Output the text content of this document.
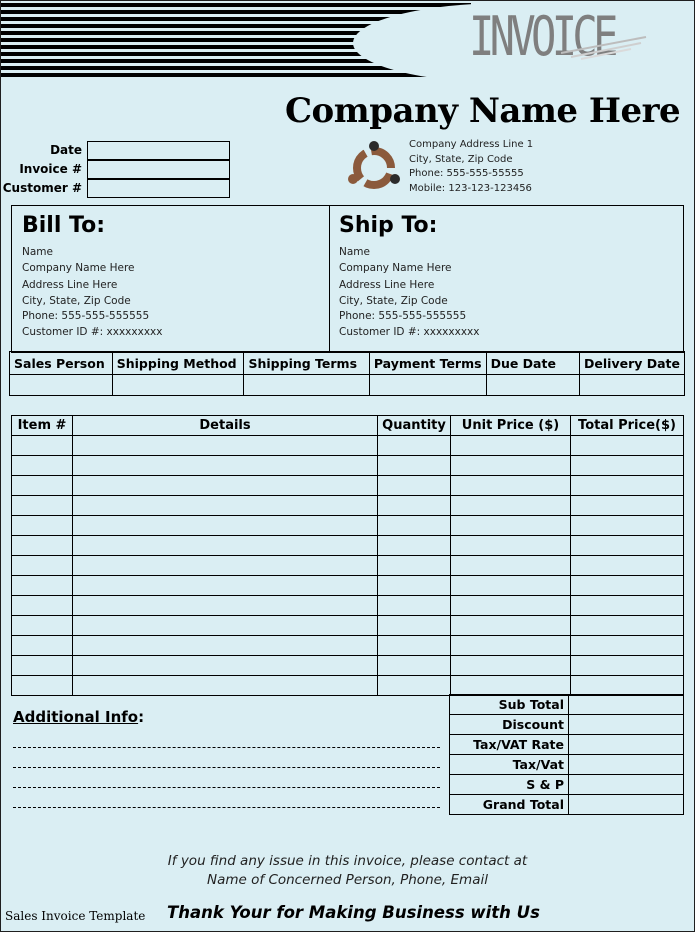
INVOICE
Company Name Here
Date
Invoice #
Customer #
Company Address Line 1
City, State, Zip Code
Phone: 555-555-55555
Mobile: 123-123-123456
Bill To:	Ship To:
Name
Company Name Here
Address Line Here
City, State, Zip Code
Phone: 555-555-555555
Customer ID #: xxxxxxxxx
Name
Company Name Here
Address Line Here
City, State, Zip Code
Phone: 555-555-555555
Customer ID #: xxxxxxxxx
Sales Person	Shipping Method	Shipping Terms	Payment Terms	Due Date	Delivery Date

Item #	Details	Quantity	Unit Price ($)	Total Price($)

Additional Info:
Sub Total	
Discount	
Tax/VAT Rate	
Tax/Vat	
S & P	
Grand Total	
If you find any issue in this invoice, please contact at
Name of Concerned Person, Phone, Email
Sales Invoice Template Thank Your for Making Business with Us
